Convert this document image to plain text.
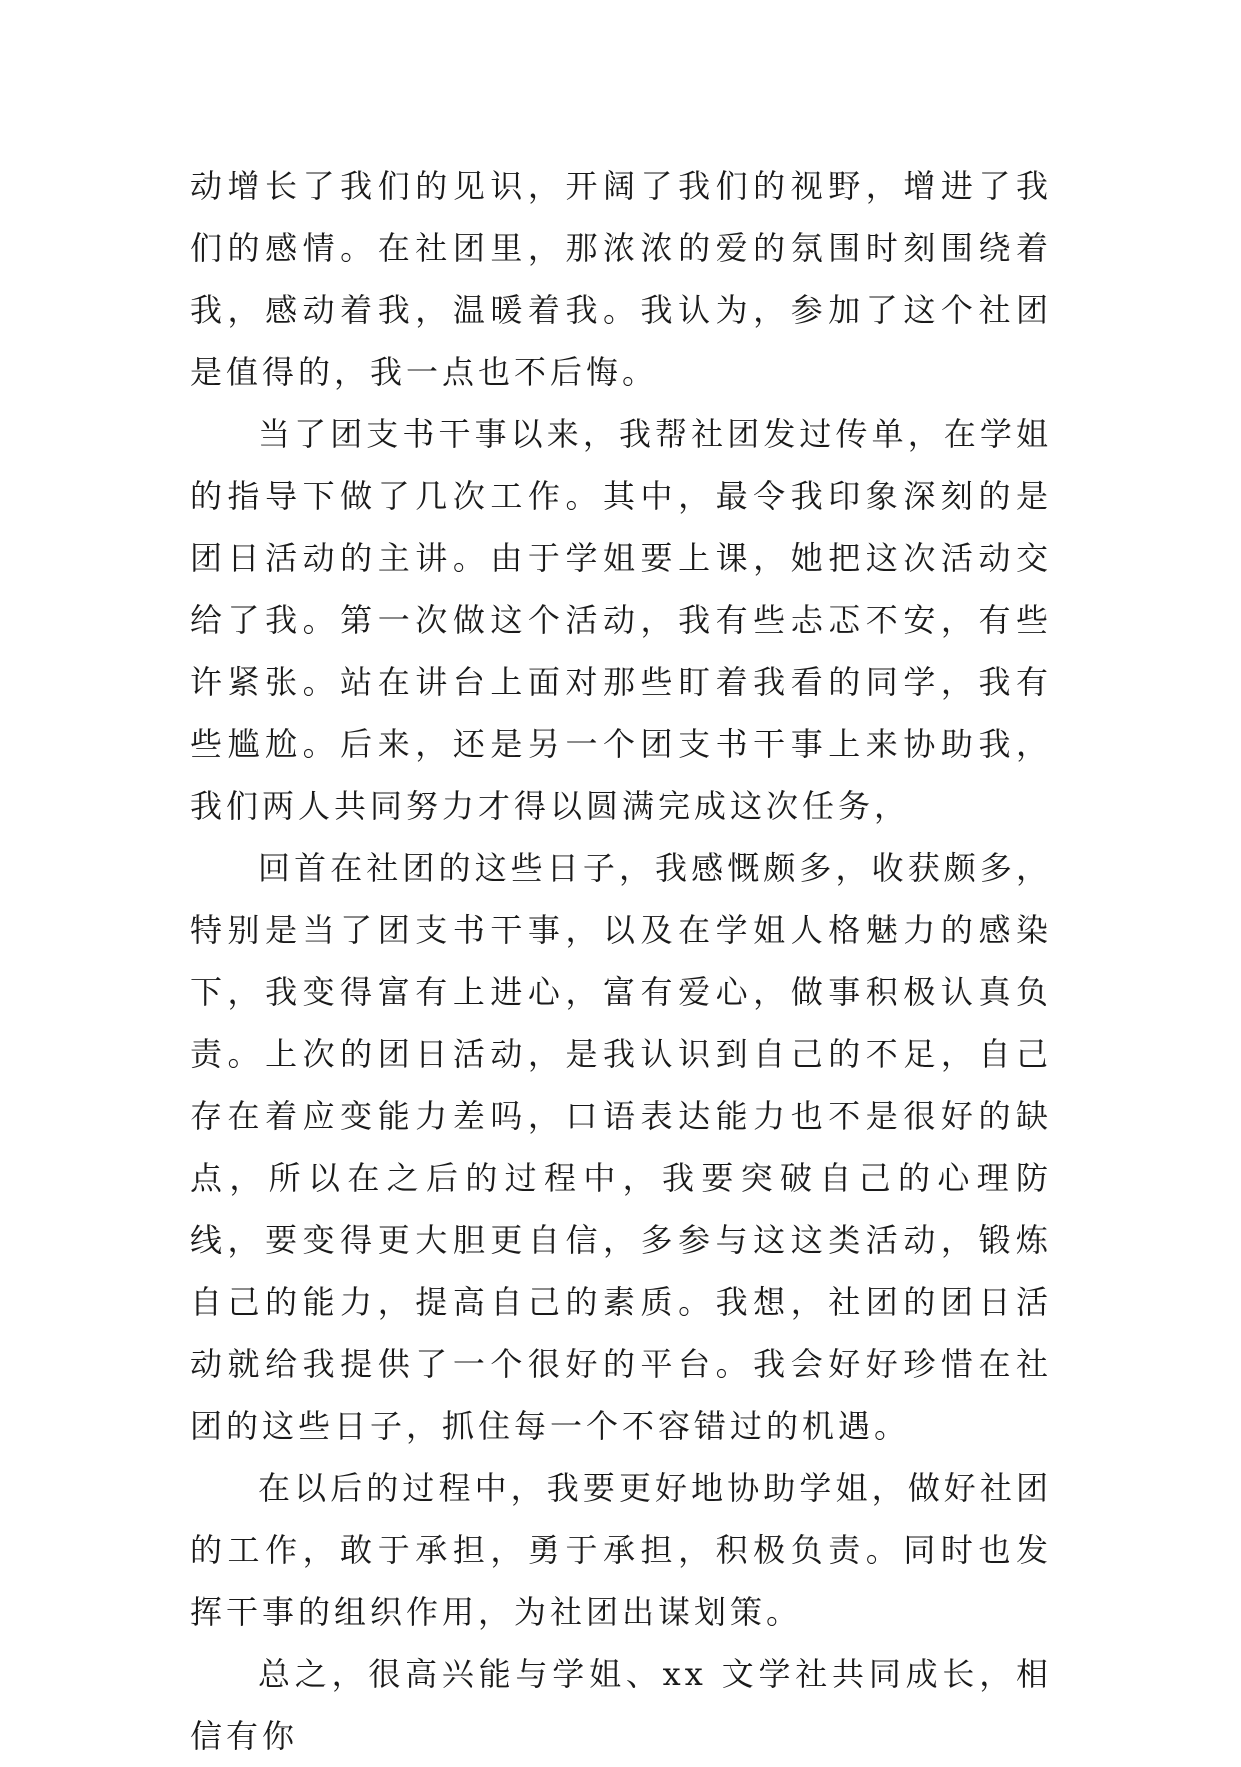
动增长了我们的见识，开阔了我们的视野，增进了我们的感情。在社团里，那浓浓的爱的氛围时刻围绕着我，感动着我，温暖着我。我认为，参加了这个社团是值得的，我一点也不后悔。

当了团支书干事以来，我帮社团发过传单，在学姐的指导下做了几次工作。其中，最令我印象深刻的是团日活动的主讲。由于学姐要上课，她把这次活动交给了我。第一次做这个活动，我有些忐忑不安，有些许紧张。站在讲台上面对那些盯着我看的同学，我有些尴尬。后来，还是另一个团支书干事上来协助我，我们两人共同努力才得以圆满完成这次任务，

回首在社团的这些日子，我感慨颇多，收获颇多，特别是当了团支书干事，以及在学姐人格魅力的感染下，我变得富有上进心，富有爱心，做事积极认真负责。上次的团日活动，是我认识到自己的不足，自己存在着应变能力差吗，口语表达能力也不是很好的缺点，所以在之后的过程中，我要突破自己的心理防线，要变得更大胆更自信，多参与这这类活动，锻炼自己的能力，提高自己的素质。我想，社团的团日活动就给我提供了一个很好的平台。我会好好珍惜在社团的这些日子，抓住每一个不容错过的机遇。

在以后的过程中，我要更好地协助学姐，做好社团的工作，敢于承担，勇于承担，积极负责。同时也发挥干事的组织作用，为社团出谋划策。

总之，很高兴能与学姐、xx 文学社共同成长，相信有你
